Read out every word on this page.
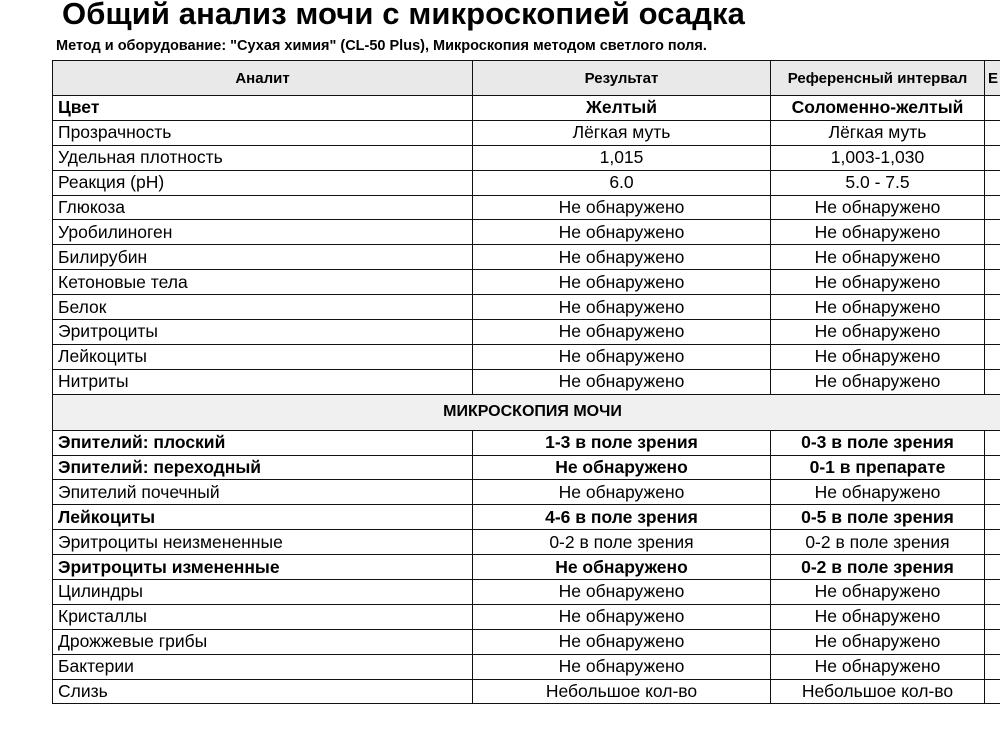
Общий анализ мочи с микроскопией осадка
Метод и оборудование: "Сухая химия" (CL-50 Plus), Микроскопия методом светлого поля.
Аналит	Результат	Референсный интервал	Е
Цвет	Желтый	Соломенно-желтый	
Прозрачность	Лёгкая муть	Лёгкая муть	
Удельная плотность	1,015	1,003-1,030	
Реакция (pH)	6.0	5.0 - 7.5	
Глюкоза	Не обнаружено	Не обнаружено	
Уробилиноген	Не обнаружено	Не обнаружено	
Билирубин	Не обнаружено	Не обнаружено	
Кетоновые тела	Не обнаружено	Не обнаружено	
Белок	Не обнаружено	Не обнаружено	
Эритроциты	Не обнаружено	Не обнаружено	
Лейкоциты	Не обнаружено	Не обнаружено	
Нитриты	Не обнаружено	Не обнаружено	
МИКРОСКОПИЯ МОЧИ			
Эпителий: плоский	1-3 в поле зрения	0-3 в поле зрения	
Эпителий: переходный	Не обнаружено	0-1 в препарате	
Эпителий почечный	Не обнаружено	Не обнаружено	
Лейкоциты	4-6 в поле зрения	0-5 в поле зрения	
Эритроциты неизмененные	0-2 в поле зрения	0-2 в поле зрения	
Эритроциты измененные	Не обнаружено	0-2 в поле зрения	
Цилиндры	Не обнаружено	Не обнаружено	
Кристаллы	Не обнаружено	Не обнаружено	
Дрожжевые грибы	Не обнаружено	Не обнаружено	
Бактерии	Не обнаружено	Не обнаружено	
Слизь	Небольшое кол-во	Небольшое кол-во	
